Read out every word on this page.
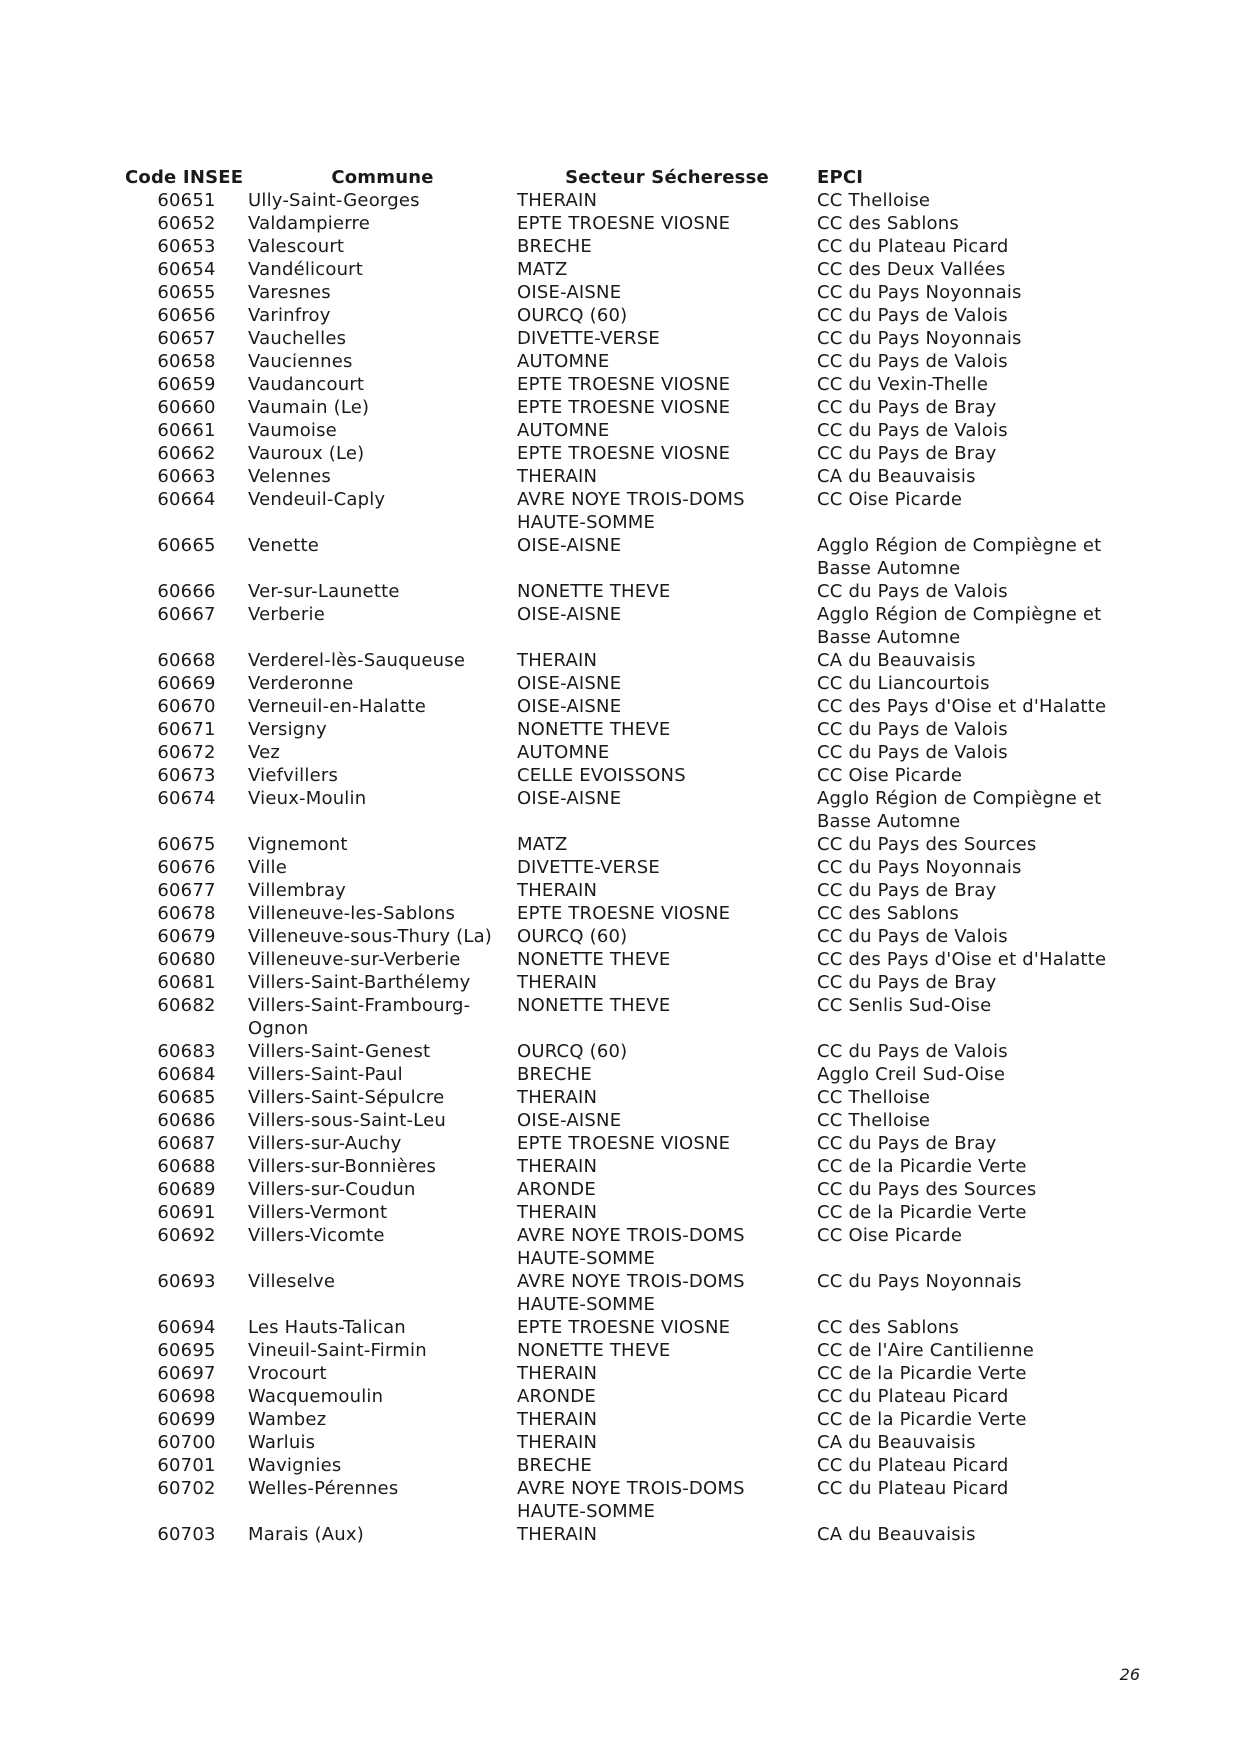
Code INSEE	Commune	Secteur Sécheresse	EPCI
60651	Ully-Saint-Georges	THERAIN	CC Thelloise
60652	Valdampierre	EPTE TROESNE VIOSNE	CC des Sablons
60653	Valescourt	BRECHE	CC du Plateau Picard
60654	Vandélicourt	MATZ	CC des Deux Vallées
60655	Varesnes	OISE-AISNE	CC du Pays Noyonnais
60656	Varinfroy	OURCQ (60)	CC du Pays de Valois
60657	Vauchelles	DIVETTE-VERSE	CC du Pays Noyonnais
60658	Vauciennes	AUTOMNE	CC du Pays de Valois
60659	Vaudancourt	EPTE TROESNE VIOSNE	CC du Vexin-Thelle
60660	Vaumain (Le)	EPTE TROESNE VIOSNE	CC du Pays de Bray
60661	Vaumoise	AUTOMNE	CC du Pays de Valois
60662	Vauroux (Le)	EPTE TROESNE VIOSNE	CC du Pays de Bray
60663	Velennes	THERAIN	CA du Beauvaisis
60664	Vendeuil-Caply	AVRE NOYE TROIS-DOMS HAUTE-SOMME	CC Oise Picarde
60665	Venette	OISE-AISNE	Agglo Région de Compiègne et Basse Automne
60666	Ver-sur-Launette	NONETTE THEVE	CC du Pays de Valois
60667	Verberie	OISE-AISNE	Agglo Région de Compiègne et Basse Automne
60668	Verderel-lès-Sauqueuse	THERAIN	CA du Beauvaisis
60669	Verderonne	OISE-AISNE	CC du Liancourtois
60670	Verneuil-en-Halatte	OISE-AISNE	CC des Pays d'Oise et d'Halatte
60671	Versigny	NONETTE THEVE	CC du Pays de Valois
60672	Vez	AUTOMNE	CC du Pays de Valois
60673	Viefvillers	CELLE EVOISSONS	CC Oise Picarde
60674	Vieux-Moulin	OISE-AISNE	Agglo Région de Compiègne et Basse Automne
60675	Vignemont	MATZ	CC du Pays des Sources
60676	Ville	DIVETTE-VERSE	CC du Pays Noyonnais
60677	Villembray	THERAIN	CC du Pays de Bray
60678	Villeneuve-les-Sablons	EPTE TROESNE VIOSNE	CC des Sablons
60679	Villeneuve-sous-Thury (La)	OURCQ (60)	CC du Pays de Valois
60680	Villeneuve-sur-Verberie	NONETTE THEVE	CC des Pays d'Oise et d'Halatte
60681	Villers-Saint-Barthélemy	THERAIN	CC du Pays de Bray
60682	Villers-Saint-Frambourg-Ognon	NONETTE THEVE	CC Senlis Sud-Oise
60683	Villers-Saint-Genest	OURCQ (60)	CC du Pays de Valois
60684	Villers-Saint-Paul	BRECHE	Agglo Creil Sud-Oise
60685	Villers-Saint-Sépulcre	THERAIN	CC Thelloise
60686	Villers-sous-Saint-Leu	OISE-AISNE	CC Thelloise
60687	Villers-sur-Auchy	EPTE TROESNE VIOSNE	CC du Pays de Bray
60688	Villers-sur-Bonnières	THERAIN	CC de la Picardie Verte
60689	Villers-sur-Coudun	ARONDE	CC du Pays des Sources
60691	Villers-Vermont	THERAIN	CC de la Picardie Verte
60692	Villers-Vicomte	AVRE NOYE TROIS-DOMS HAUTE-SOMME	CC Oise Picarde
60693	Villeselve	AVRE NOYE TROIS-DOMS HAUTE-SOMME	CC du Pays Noyonnais
60694	Les Hauts-Talican	EPTE TROESNE VIOSNE	CC des Sablons
60695	Vineuil-Saint-Firmin	NONETTE THEVE	CC de l'Aire Cantilienne
60697	Vrocourt	THERAIN	CC de la Picardie Verte
60698	Wacquemoulin	ARONDE	CC du Plateau Picard
60699	Wambez	THERAIN	CC de la Picardie Verte
60700	Warluis	THERAIN	CA du Beauvaisis
60701	Wavignies	BRECHE	CC du Plateau Picard
60702	Welles-Pérennes	AVRE NOYE TROIS-DOMS HAUTE-SOMME	CC du Plateau Picard
60703	Marais (Aux)	THERAIN	CA du Beauvaisis
26
